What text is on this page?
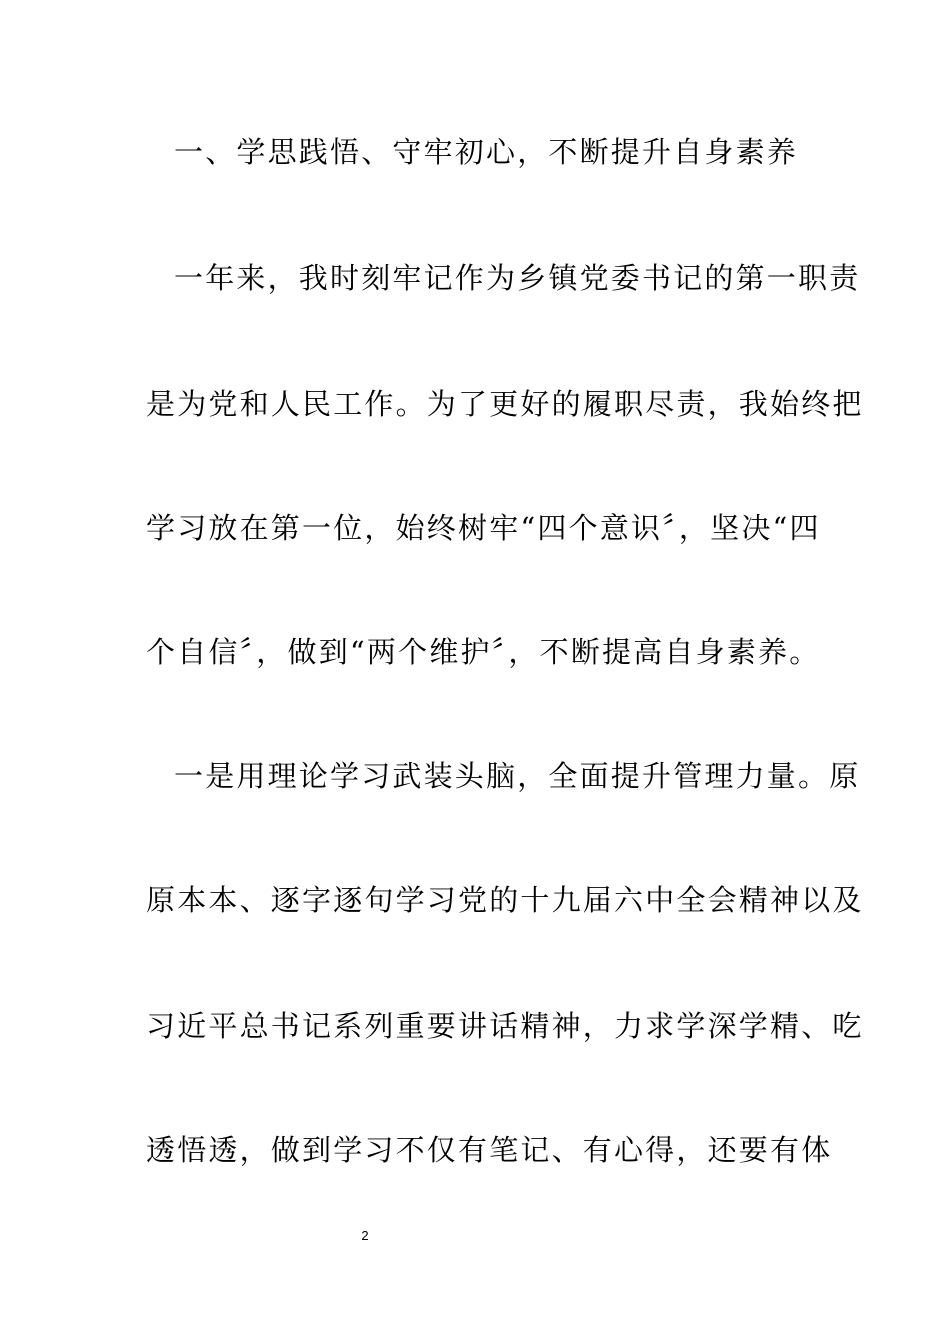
一、学思践悟、守牢初心，不断提升自身素养
一年来，我时刻牢记作为乡镇党委书记的第一职责
是为党和人民工作。为了更好的履职尽责，我始终把
学习放在第一位，始终树牢“四个意识〞，坚决“四
个自信〞，做到“两个维护〞，不断提高自身素养。
一是用理论学习武装头脑，全面提升管理力量。原
原本本、逐字逐句学习党的十九届六中全会精神以及
习近平总书记系列重要讲话精神，力求学深学精、吃
透悟透，做到学习不仅有笔记、有心得，还要有体
2
